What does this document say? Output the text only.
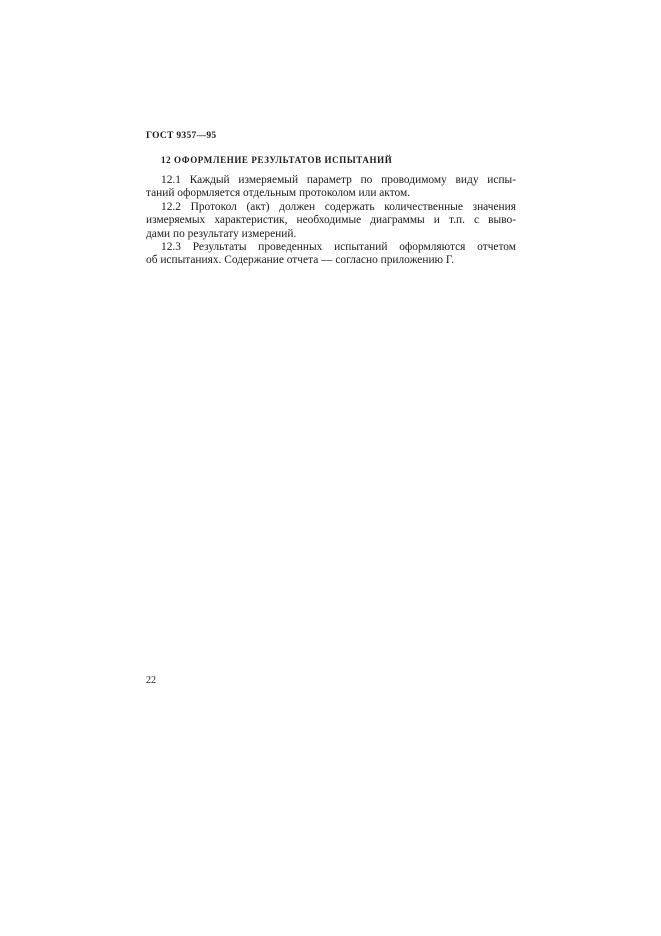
ГОСТ 9357—95
12 ОФОРМЛЕНИЕ РЕЗУЛЬТАТОВ ИСПЫТАНИЙ
12.1 Каждый измеряемый параметр по проводимому виду испы-
таний оформляется отдельным протоколом или актом.
12.2 Протокол (акт) должен содержать количественные значения
измеряемых характеристик, необходимые диаграммы и т.п. с выво-
дами по результату измерений.
12.3 Результаты проведенных испытаний оформляются отчетом
об испытаниях. Содержание отчета — согласно приложению Г.
22
